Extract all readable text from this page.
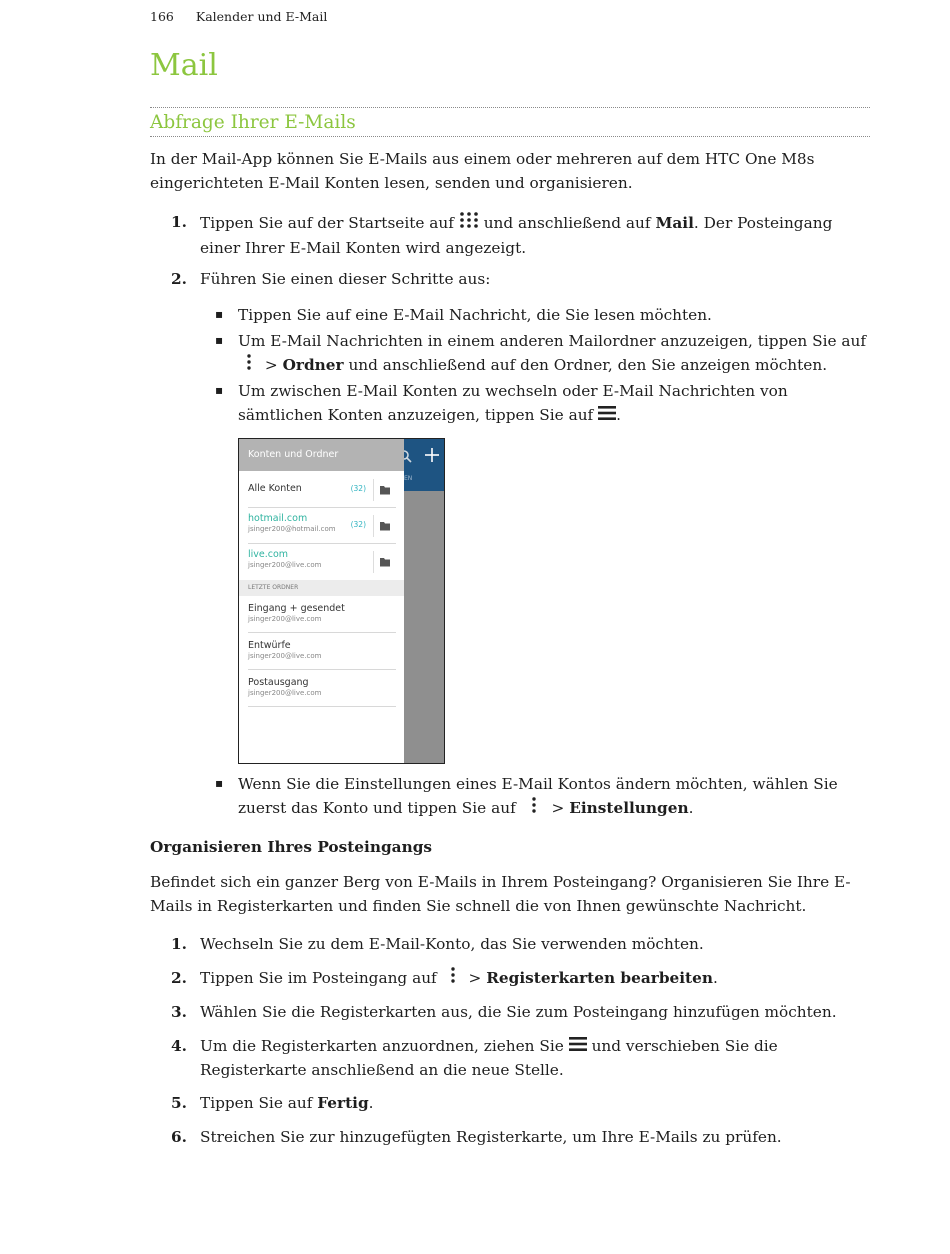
166 Kalender und E-Mail
Mail
Abfrage Ihrer E-Mails
In der Mail-App können Sie E-Mails aus einem oder mehreren auf dem HTC One M8s eingerichteten E-Mail Konten lesen, senden und organisieren.
1. Tippen Sie auf der Startseite auf und anschließend auf Mail. Der Posteingang einer Ihrer E-Mail Konten wird angezeigt.
2. Führen Sie einen dieser Schritte aus:
▪ Tippen Sie auf eine E-Mail Nachricht, die Sie lesen möchten.
▪ Um E-Mail Nachrichten in einem anderen Mailordner anzuzeigen, tippen Sie auf  > Ordner und anschließend auf den Ordner, den Sie anzeigen möchten.
▪ Um zwischen E-Mail Konten zu wechseln oder E-Mail Nachrichten von sämtlichen Konten anzuzeigen, tippen Sie auf .
EN
Konten und Ordner
Alle Konten	(32)
hotmail.com
jsinger200@hotmail.com	(32)
live.com
jsinger200@live.com
LETZTE ORDNER
Eingang + gesendet
jsinger200@live.com
Entwürfe
jsinger200@live.com
Postausgang
jsinger200@live.com
▪ Wenn Sie die Einstellungen eines E-Mail Kontos ändern möchten, wählen Sie zuerst das Konto und tippen Sie auf > Einstellungen.
Organisieren Ihres Posteingangs
Befindet sich ein ganzer Berg von E-Mails in Ihrem Posteingang? Organisieren Sie Ihre E-Mails in Registerkarten und finden Sie schnell die von Ihnen gewünschte Nachricht.
1. Wechseln Sie zu dem E-Mail-Konto, das Sie verwenden möchten.
2. Tippen Sie im Posteingang auf > Registerkarten bearbeiten.
3. Wählen Sie die Registerkarten aus, die Sie zum Posteingang hinzufügen möchten.
4. Um die Registerkarten anzuordnen, ziehen Sie und verschieben Sie die Registerkarte anschließend an die neue Stelle.
5. Tippen Sie auf Fertig.
6. Streichen Sie zur hinzugefügten Registerkarte, um Ihre E-Mails zu prüfen.
